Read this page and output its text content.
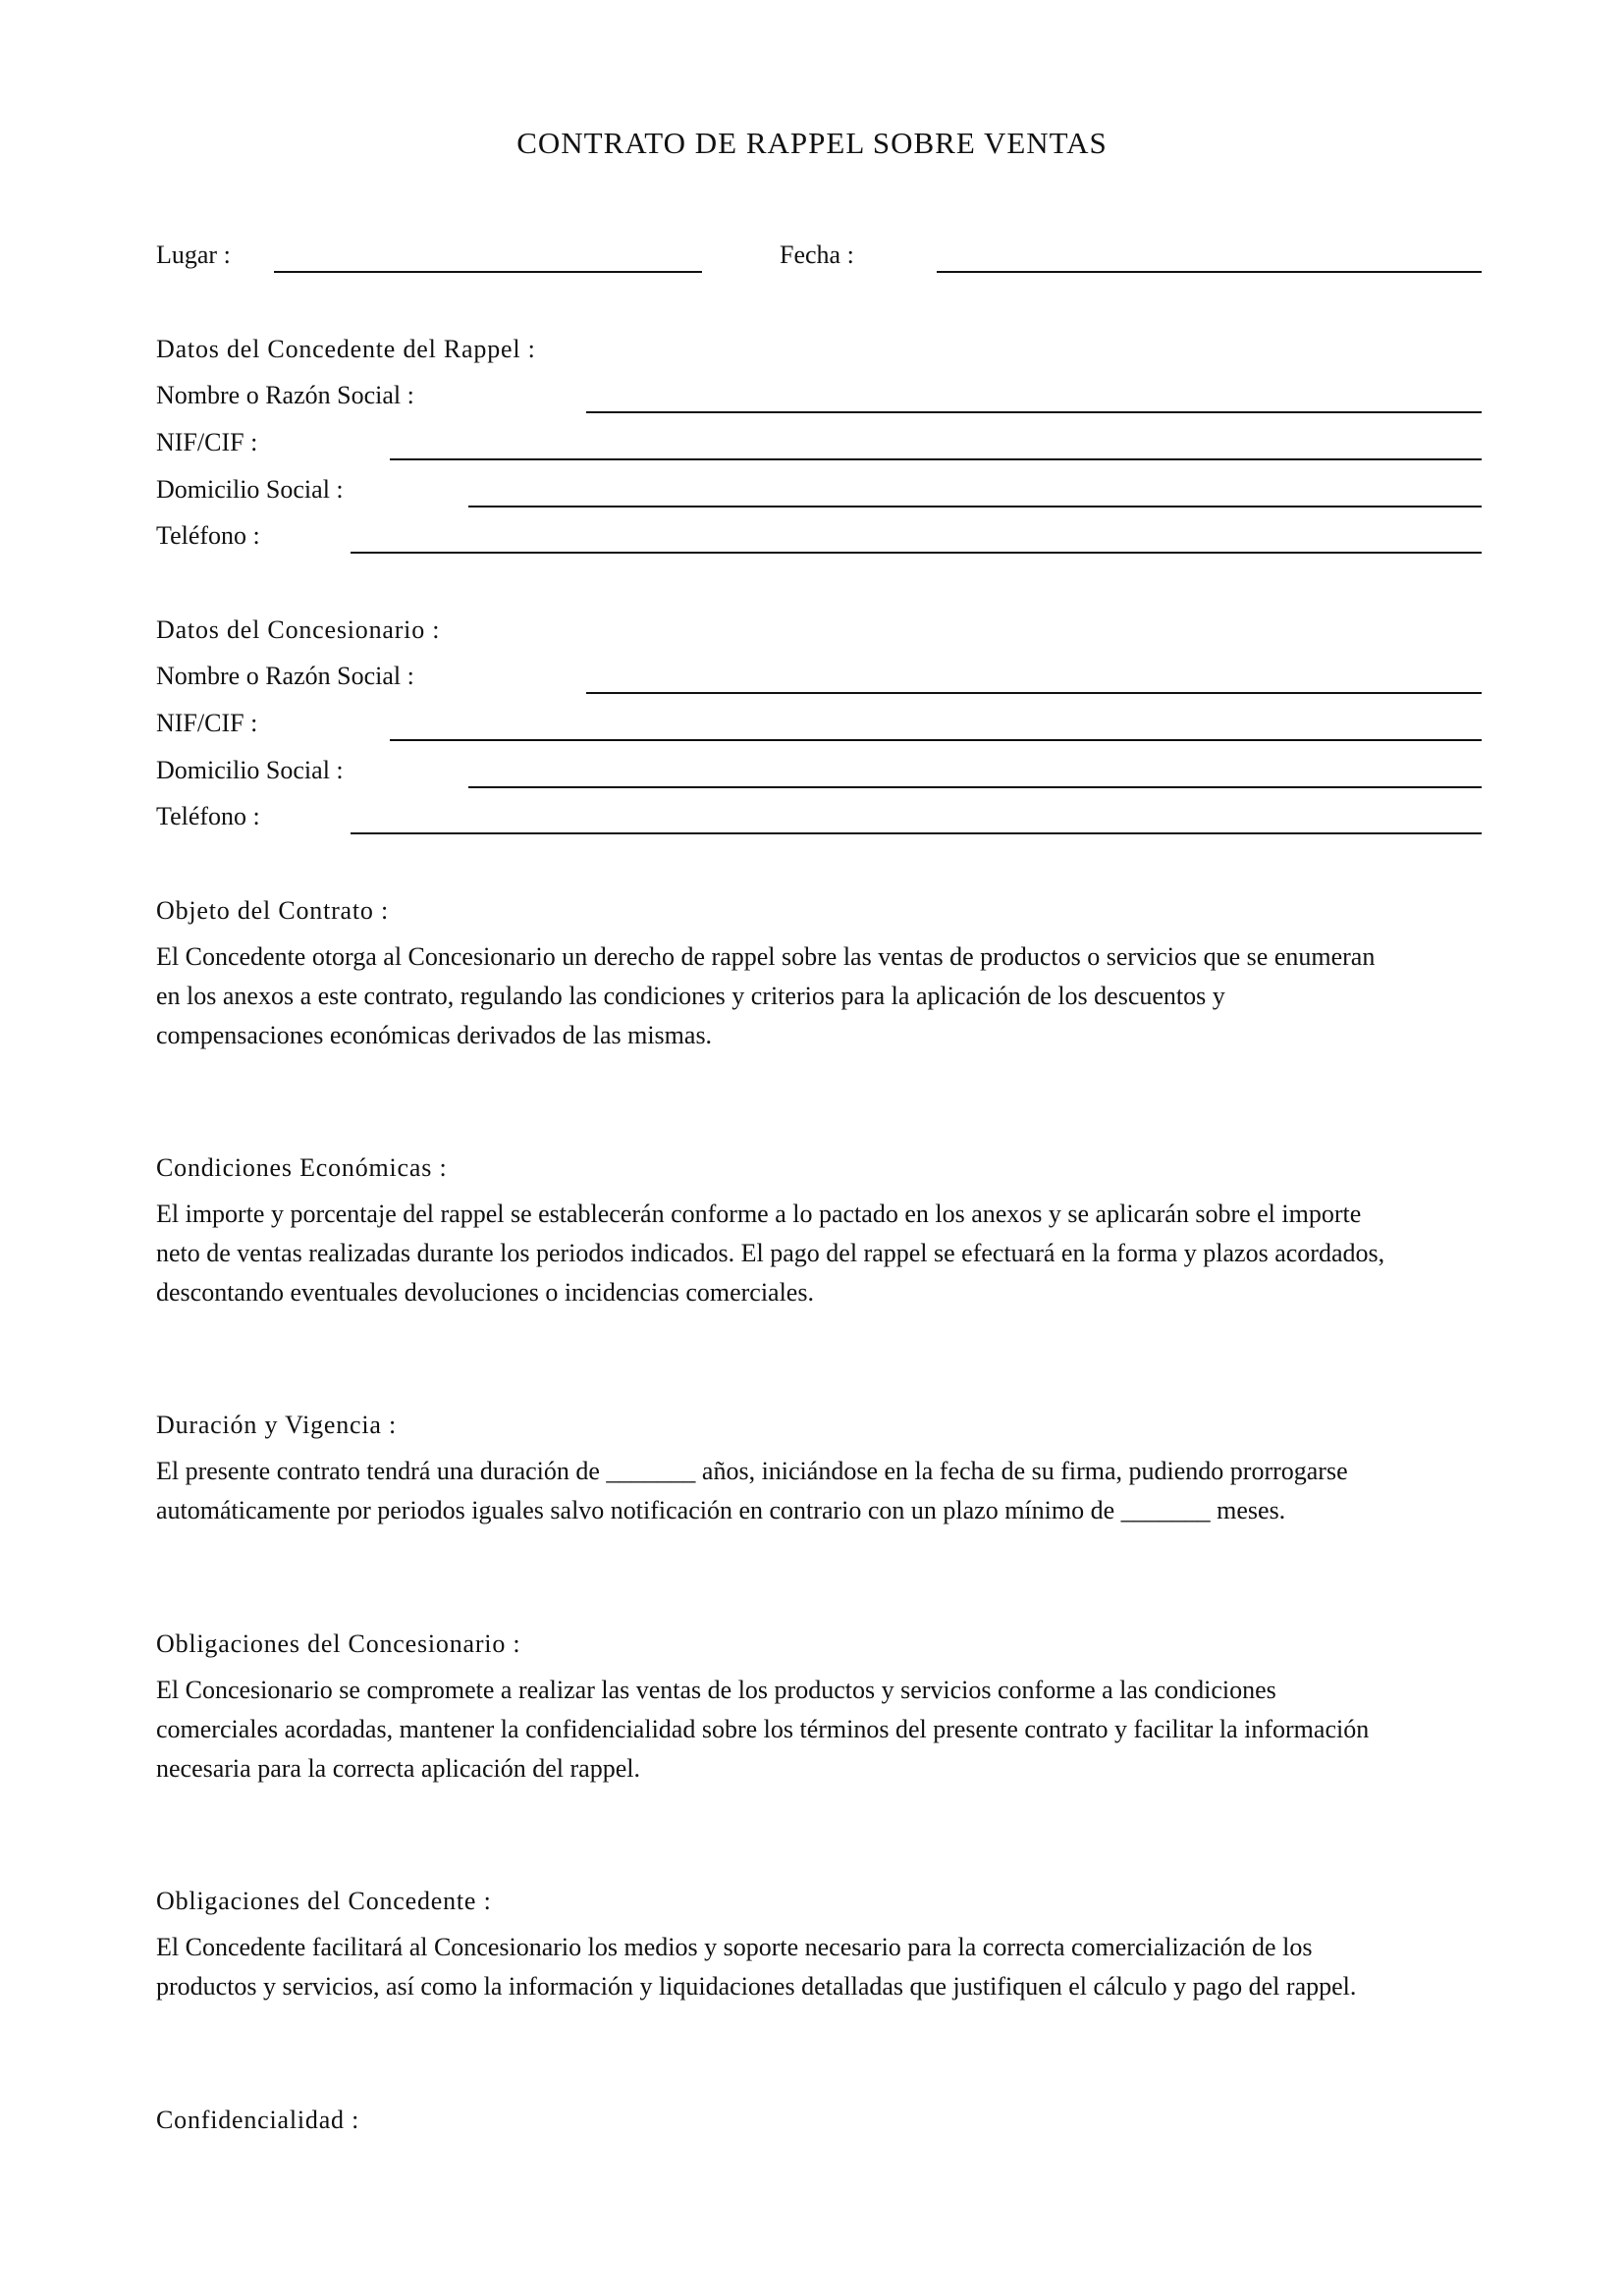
CONTRATO DE RAPPEL SOBRE VENTAS
Lugar :	Fecha :
Datos del Concedente del Rappel :
Nombre o Razón Social :
NIF/CIF :
Domicilio Social :
Teléfono :
Datos del Concesionario :
Nombre o Razón Social :
NIF/CIF :
Domicilio Social :
Teléfono :
Objeto del Contrato :
El Concedente otorga al Concesionario un derecho de rappel sobre las ventas de productos o servicios que se enumeran
en los anexos a este contrato, regulando las condiciones y criterios para la aplicación de los descuentos y
compensaciones económicas derivados de las mismas.
Condiciones Económicas :
El importe y porcentaje del rappel se establecerán conforme a lo pactado en los anexos y se aplicarán sobre el importe
neto de ventas realizadas durante los periodos indicados. El pago del rappel se efectuará en la forma y plazos acordados,
descontando eventuales devoluciones o incidencias comerciales.
Duración y Vigencia :
El presente contrato tendrá una duración de _______ años, iniciándose en la fecha de su firma, pudiendo prorrogarse
automáticamente por periodos iguales salvo notificación en contrario con un plazo mínimo de _______ meses.
Obligaciones del Concesionario :
El Concesionario se compromete a realizar las ventas de los productos y servicios conforme a las condiciones
comerciales acordadas, mantener la confidencialidad sobre los términos del presente contrato y facilitar la información
necesaria para la correcta aplicación del rappel.
Obligaciones del Concedente :
El Concedente facilitará al Concesionario los medios y soporte necesario para la correcta comercialización de los
productos y servicios, así como la información y liquidaciones detalladas que justifiquen el cálculo y pago del rappel.
Confidencialidad :
